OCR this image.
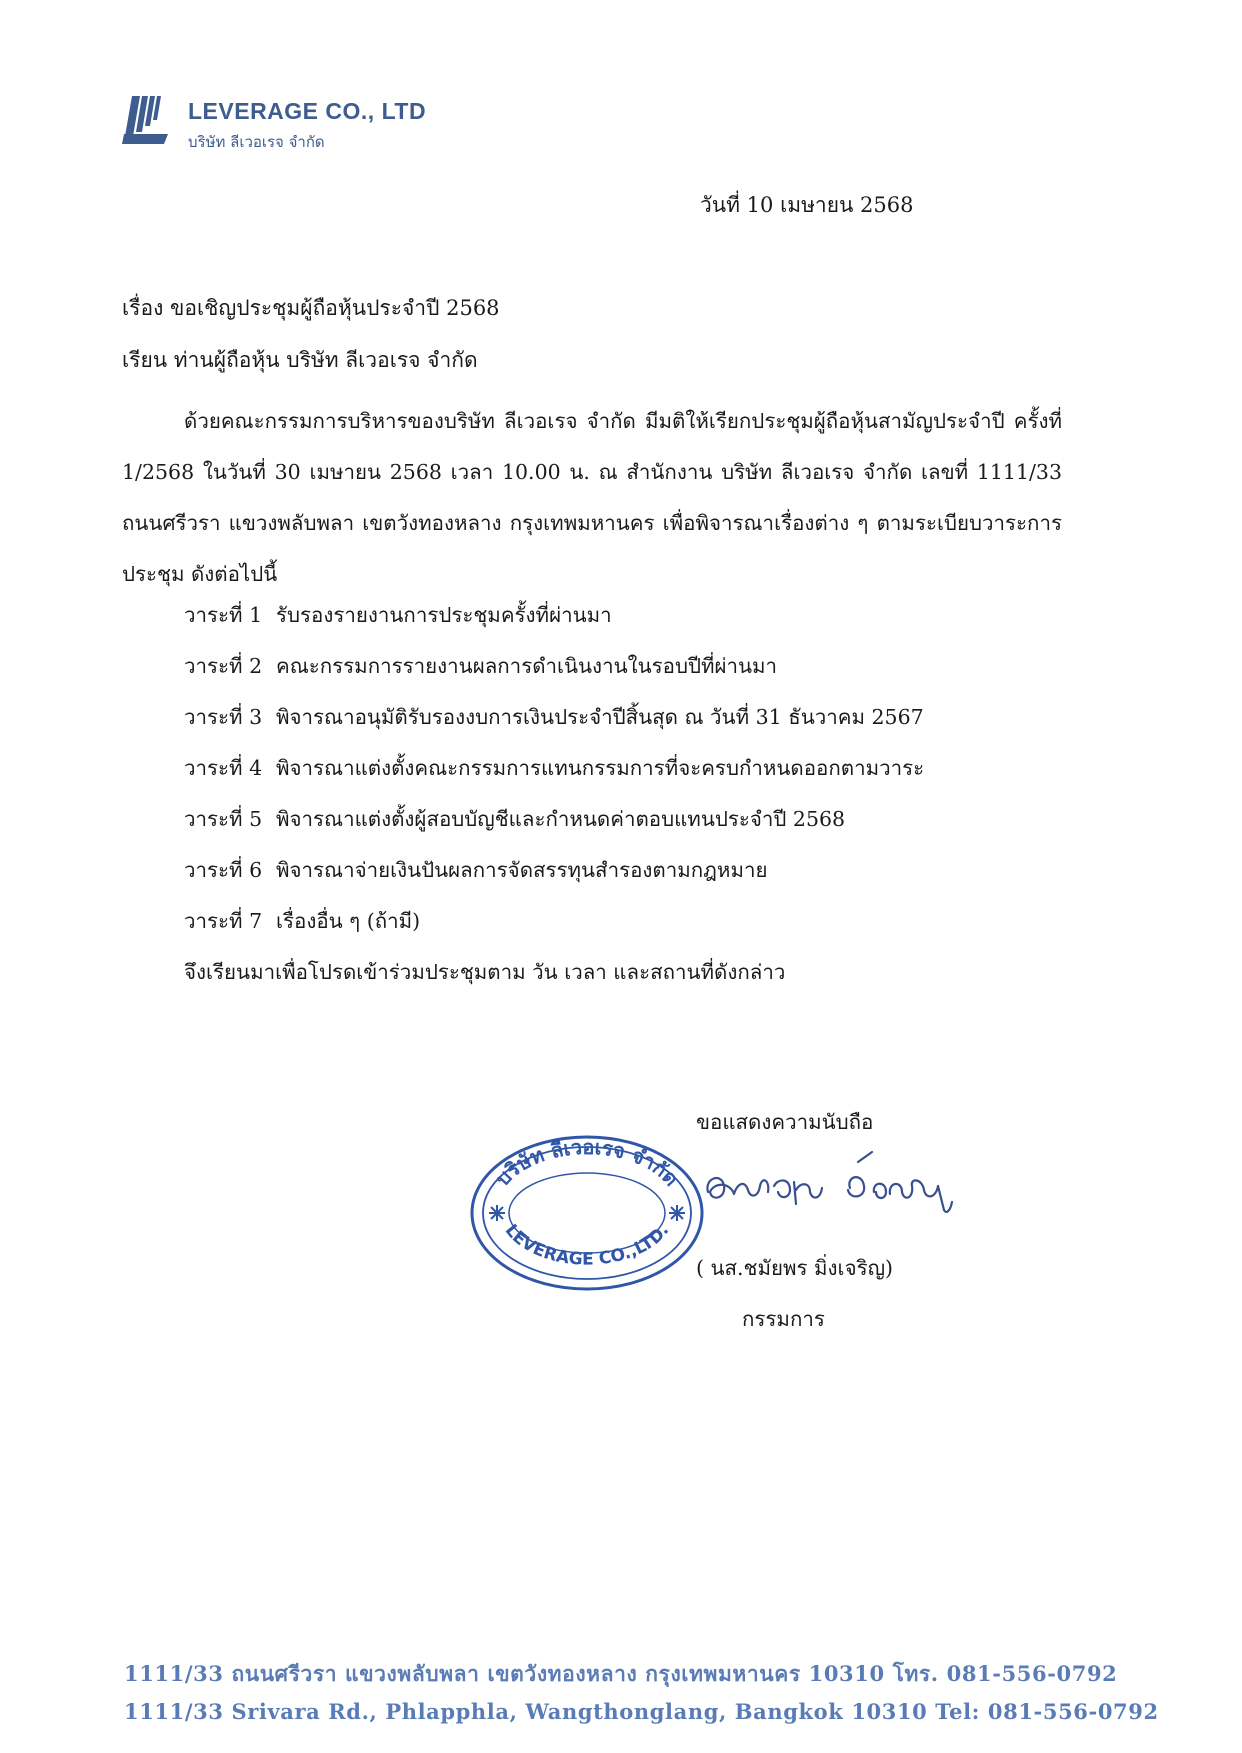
LEVERAGE CO., LTD
บริษัท ลีเวอเรจ จำกัด
วันที่ 10 เมษายน 2568
เรื่อง ขอเชิญประชุมผู้ถือหุ้นประจำปี 2568
เรียน ท่านผู้ถือหุ้น บริษัท ลีเวอเรจ จำกัด
ด้วยคณะกรรมการบริหารของบริษัท ลีเวอเรจ จำกัด มีมติให้เรียกประชุมผู้ถือหุ้นสามัญประจำปี ครั้งที่ 1/2568 ในวันที่ 30 เมษายน 2568 เวลา 10.00 น. ณ สำนักงาน บริษัท ลีเวอเรจ จำกัด เลขที่ 1111/33 ถนนศรีวรา แขวงพลับพลา เขตวังทองหลาง กรุงเทพมหานคร เพื่อพิจารณาเรื่องต่าง ๆ ตามระเบียบวาระการประชุม ดังต่อไปนี้
วาระที่ 1 รับรองรายงานการประชุมครั้งที่ผ่านมา
วาระที่ 2 คณะกรรมการรายงานผลการดำเนินงานในรอบปีที่ผ่านมา
วาระที่ 3 พิจารณาอนุมัติรับรองงบการเงินประจำปีสิ้นสุด ณ วันที่ 31 ธันวาคม 2567
วาระที่ 4 พิจารณาแต่งตั้งคณะกรรมการแทนกรรมการที่จะครบกำหนดออกตามวาระ
วาระที่ 5 พิจารณาแต่งตั้งผู้สอบบัญชีและกำหนดค่าตอบแทนประจำปี 2568
วาระที่ 6 พิจารณาจ่ายเงินปันผลการจัดสรรทุนสำรองตามกฎหมาย
วาระที่ 7 เรื่องอื่น ๆ (ถ้ามี)
จึงเรียนมาเพื่อโปรดเข้าร่วมประชุมตาม วัน เวลา และสถานที่ดังกล่าว
ขอแสดงความนับถือ
บริษัท ลีเวอเรจ จำกัด
LEVERAGE CO.,LTD.
( นส.ชมัยพร มิ่งเจริญ)
กรรมการ
1111/33 ถนนศรีวรา แขวงพลับพลา เขตวังทองหลาง กรุงเทพมหานคร 10310 โทร. 081-556-0792
1111/33 Srivara Rd., Phlapphla, Wangthonglang, Bangkok 10310 Tel: 081-556-0792
